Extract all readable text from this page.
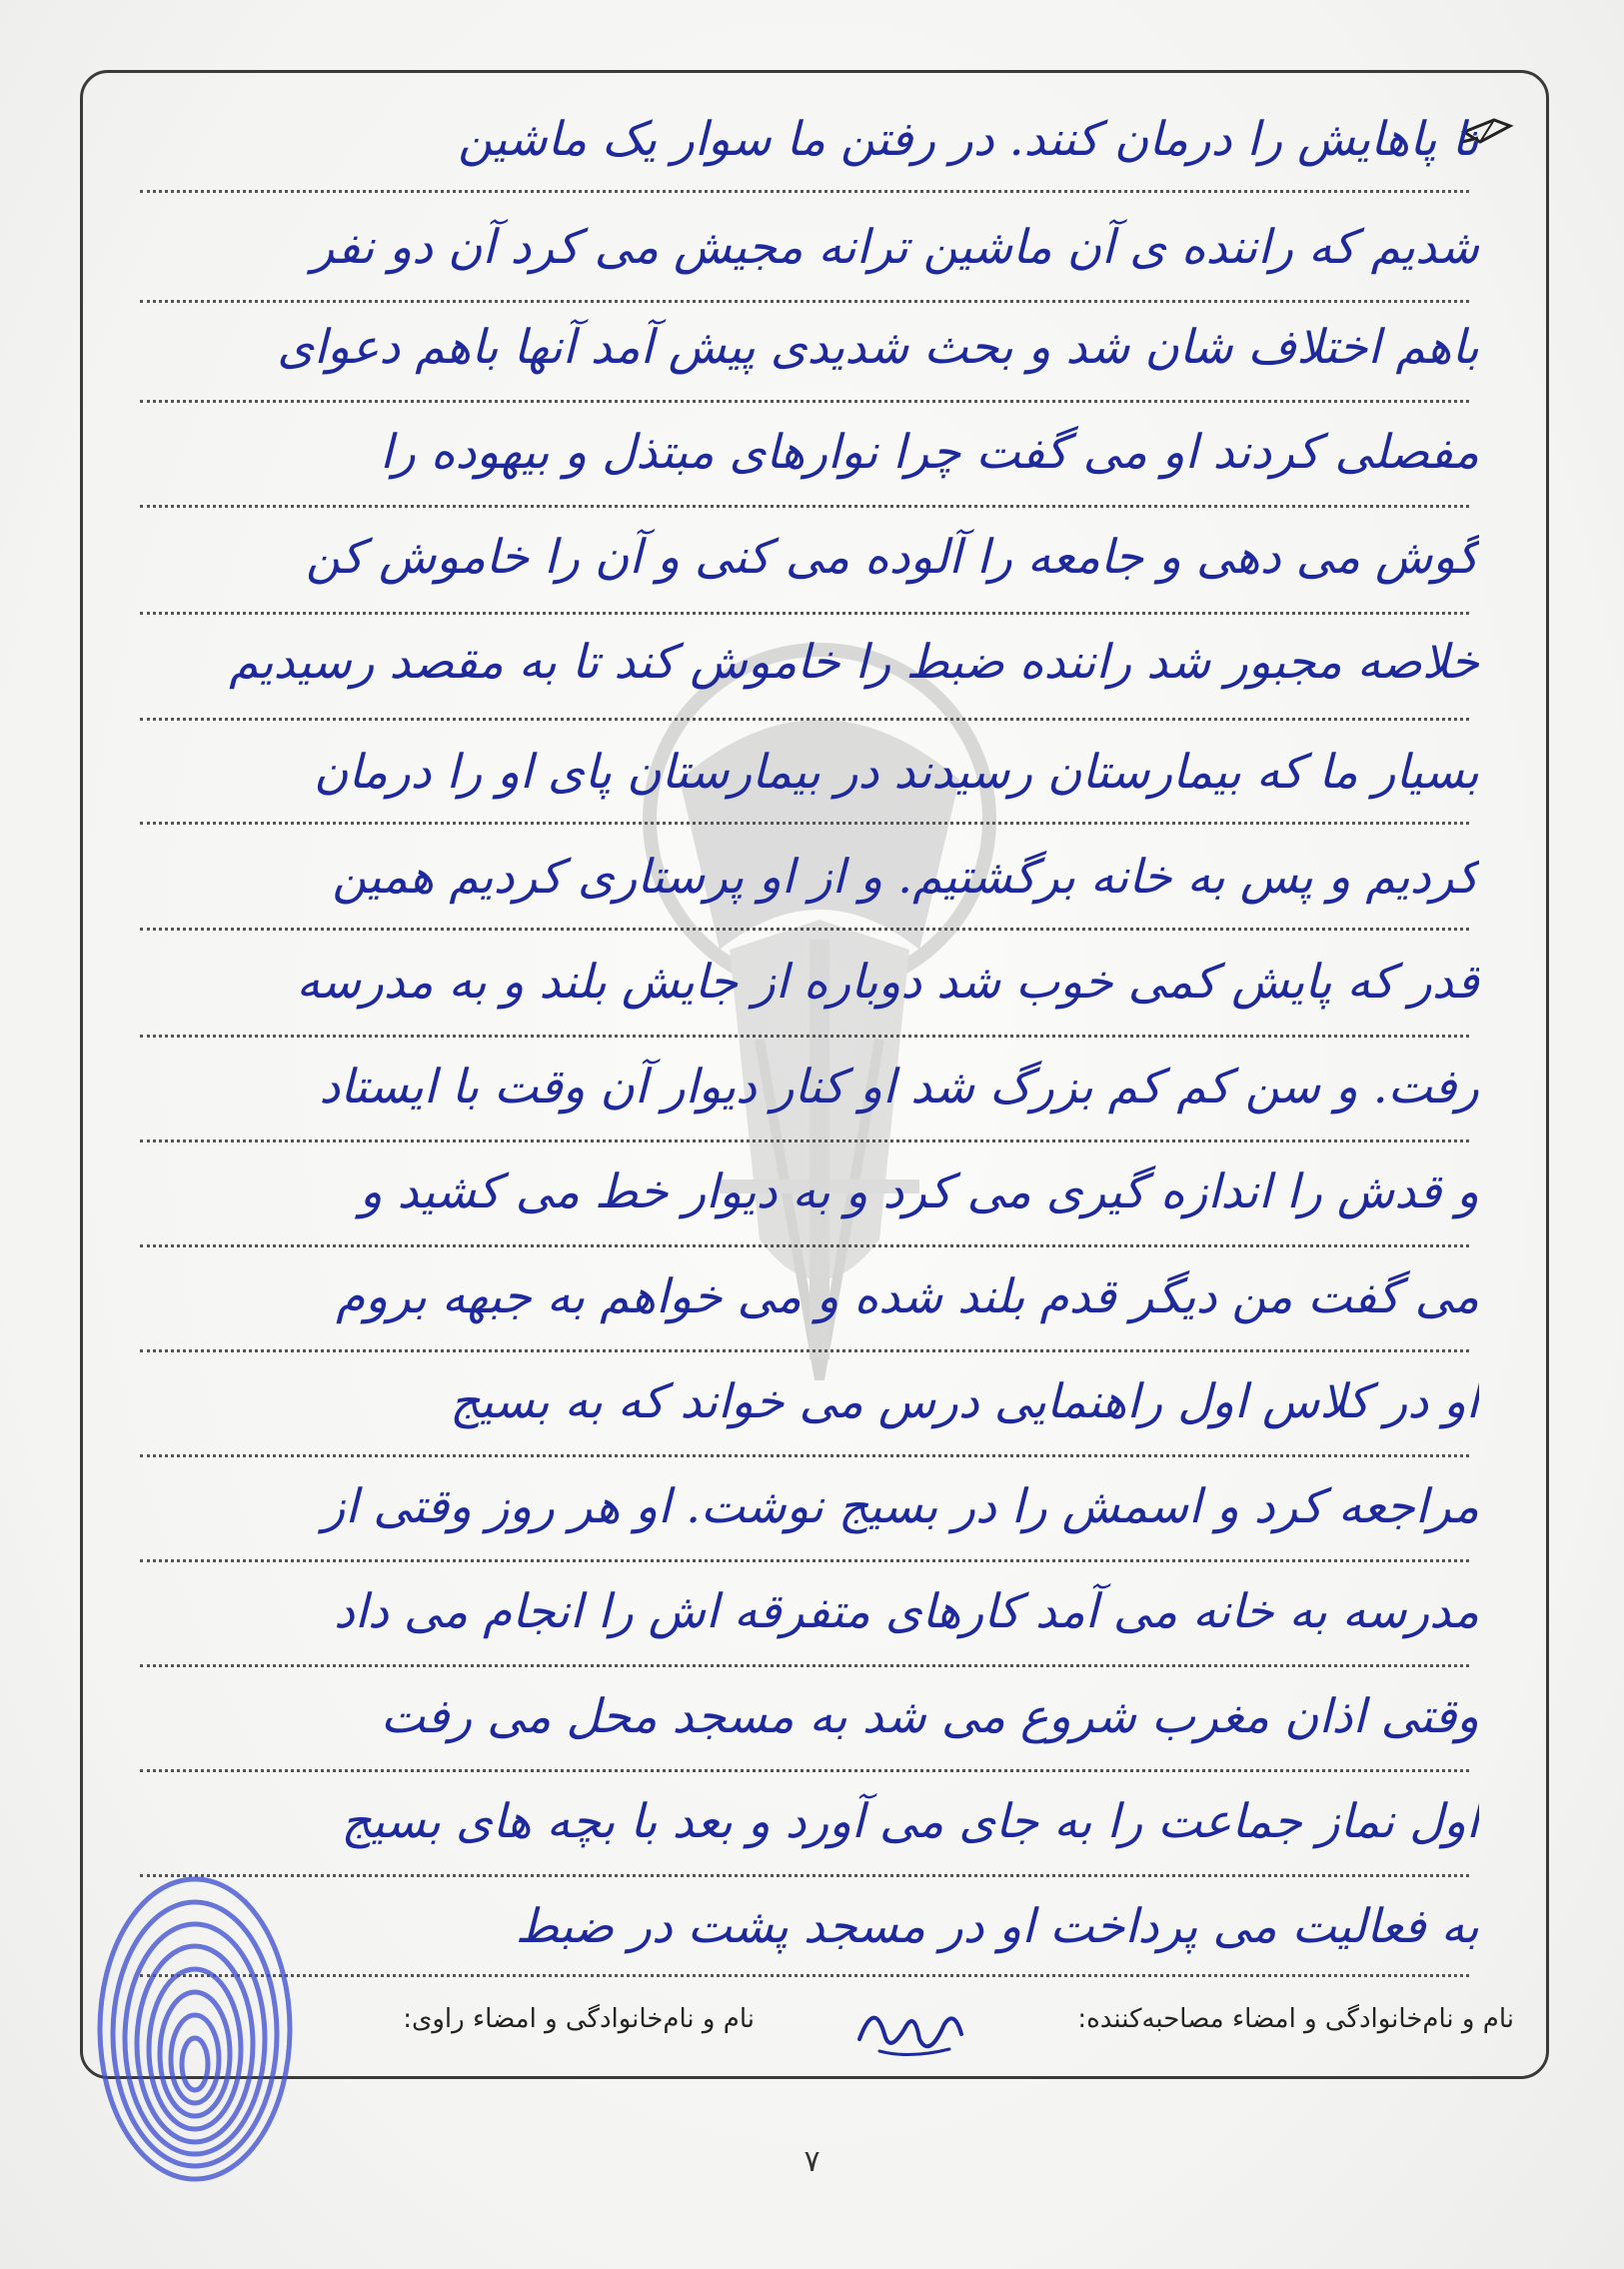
تا پاهایش را درمان کنند. در رفتن ما سوار یک ماشین
شدیم که راننده ی آن ماشین ترانه مجیش می کرد آن دو نفر
باهم اختلاف شان شد و بحث شدیدی پیش آمد آنها باهم دعوای
مفصلی کردند او می گفت چرا نوارهای مبتذل و بیهوده را
گوش می دهی و جامعه را آلوده می کنی و آن را خاموش کن
خلاصه مجبور شد راننده ضبط را خاموش کند تا به مقصد رسیدیم
بسیار ما که بیمارستان رسیدند در بیمارستان پای او را درمان
کردیم و پس به خانه برگشتیم. و از او پرستاری کردیم همین
قدر که پایش کمی خوب شد دوباره از جایش بلند و به مدرسه
رفت. و سن کم کم بزرگ شد او کنار دیوار آن وقت با ایستاد
و قدش را اندازه گیری می کرد و به دیوار خط می کشید و
می گفت من دیگر قدم بلند شده و می خواهم به جبهه بروم
او در کلاس اول راهنمایی درس می خواند که به بسیج
مراجعه کرد و اسمش را در بسیج نوشت. او هر روز وقتی از
مدرسه به خانه می آمد کارهای متفرقه اش را انجام می داد
وقتی اذان مغرب شروع می شد به مسجد محل می رفت
اول نماز جماعت را به جای می آورد و بعد با بچه های بسیج
به فعالیت می پرداخت او در مسجد پشت در ضبط
نام و نام‌خانوادگی و امضاء مصاحبه‌کننده:
نام و نام‌خانوادگی و امضاء راوی:
۷
